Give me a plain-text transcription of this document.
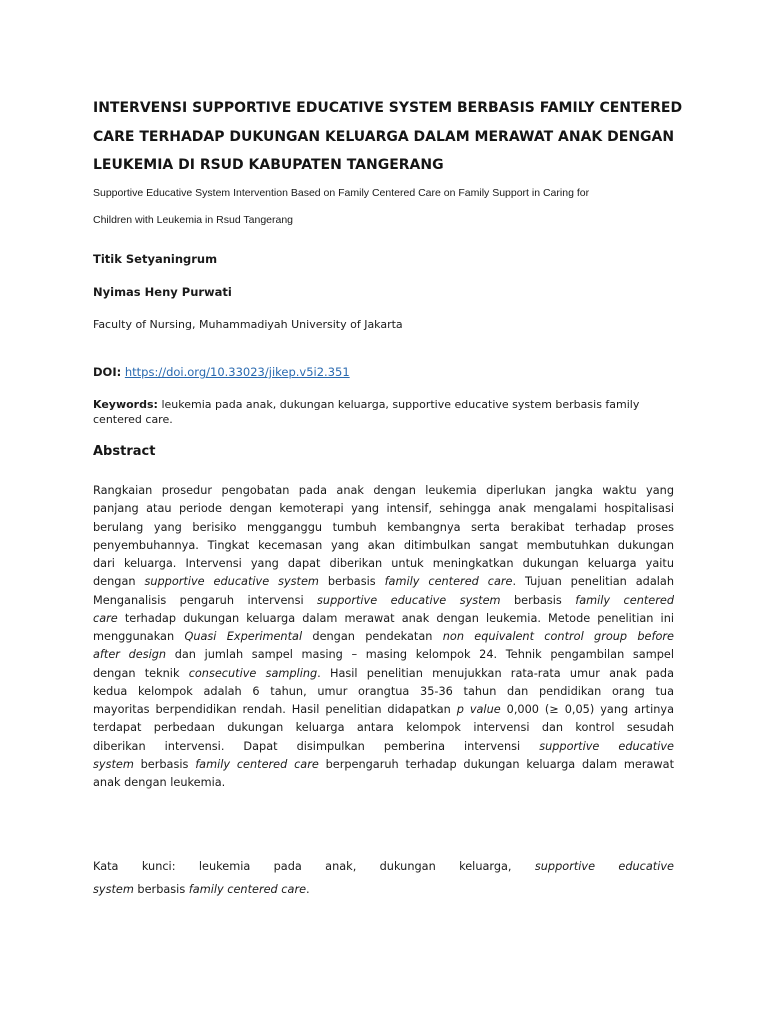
INTERVENSI SUPPORTIVE EDUCATIVE SYSTEM BERBASIS FAMILY CENTERED
CARE TERHADAP DUKUNGAN KELUARGA DALAM MERAWAT ANAK DENGAN
LEUKEMIA DI RSUD KABUPATEN TANGERANG

Supportive Educative System Intervention Based on Family Centered Care on Family Support in Caring for
Children with Leukemia in Rsud Tangerang

Titik Setyaningrum
Nyimas Heny Purwati
Faculty of Nursing, Muhammadiyah University of Jakarta
DOI: https://doi.org/10.33023/jikep.v5i2.351
Keywords: leukemia pada anak, dukungan keluarga, supportive educative system berbasis family centered care.
Abstract
Rangkaian prosedur pengobatan pada anak dengan leukemia diperlukan jangka waktu yang
panjang atau periode dengan kemoterapi yang intensif, sehingga anak mengalami hospitalisasi
berulang yang berisiko mengganggu tumbuh kembangnya serta berakibat terhadap proses
penyembuhannya. Tingkat kecemasan yang akan ditimbulkan sangat membutuhkan dukungan
dari keluarga. Intervensi yang dapat diberikan untuk meningkatkan dukungan keluarga yaitu
dengan supportive educative system berbasis family centered care. Tujuan penelitian adalah
Menganalisis pengaruh intervensi supportive educative system berbasis family centered
care terhadap dukungan keluarga dalam merawat anak dengan leukemia. Metode penelitian ini
menggunakan Quasi Experimental dengan pendekatan non equivalent control group before
after design dan jumlah sampel masing – masing kelompok 24. Tehnik pengambilan sampel
dengan teknik consecutive sampling. Hasil penelitian menujukkan rata-rata umur anak pada
kedua kelompok adalah 6 tahun, umur orangtua 35-36 tahun dan pendidikan orang tua
mayoritas berpendidikan rendah. Hasil penelitian didapatkan p value 0,000 (≥ 0,05) yang artinya
terdapat perbedaan dukungan keluarga antara kelompok intervensi dan kontrol sesudah
diberikan intervensi. Dapat disimpulkan pemberina intervensi supportive educative
system berbasis family centered care berpengaruh terhadap dukungan keluarga dalam merawat
anak dengan leukemia.
Kata kunci: leukemia pada anak, dukungan keluarga, supportive educative
system berbasis family centered care.
